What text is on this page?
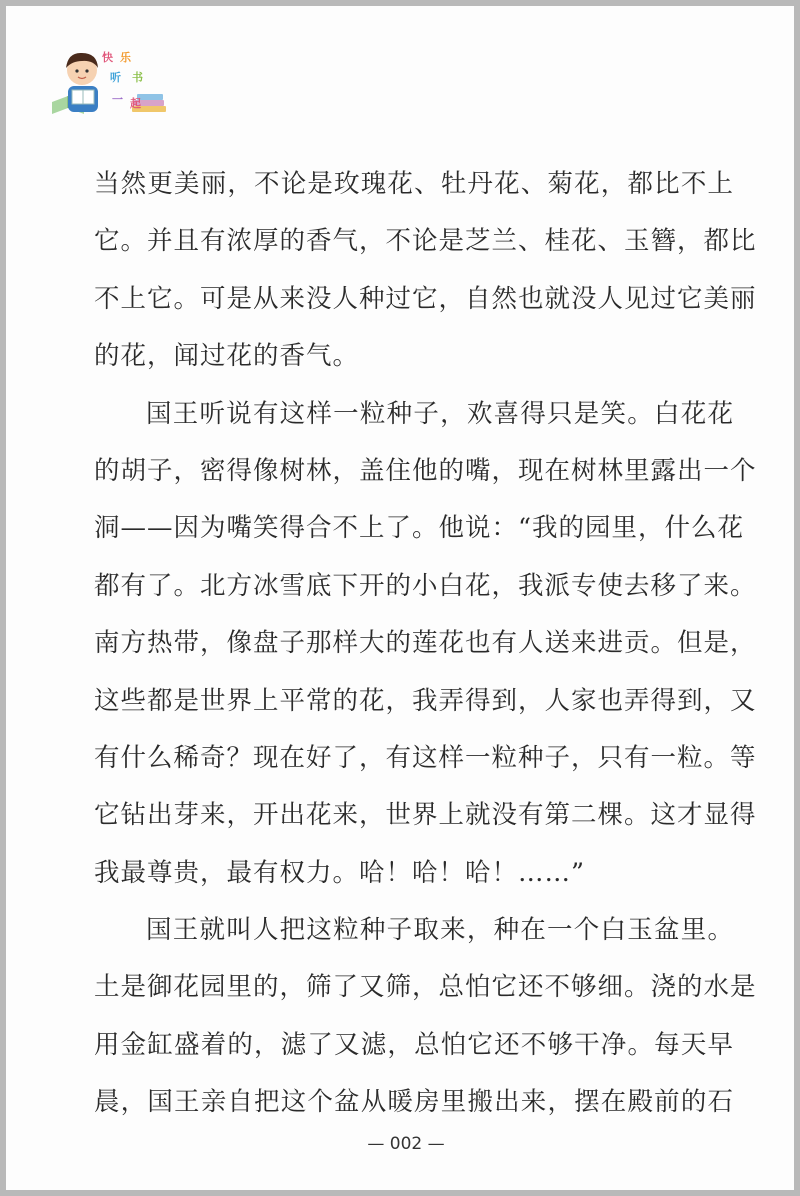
快 乐
听 书
一 起
当然更美丽，不论是玫瑰花、牡丹花、菊花，都比不上
它。并且有浓厚的香气，不论是芝兰、桂花、玉簪，都比
不上它。可是从来没人种过它，自然也就没人见过它美丽
的花，闻过花的香气。
国王听说有这样一粒种子，欢喜得只是笑。白花花
的胡子，密得像树林，盖住他的嘴，现在树林里露出一个
洞——因为嘴笑得合不上了。他说：“我的园里，什么花
都有了。北方冰雪底下开的小白花，我派专使去移了来。
南方热带，像盘子那样大的莲花也有人送来进贡。但是，
这些都是世界上平常的花，我弄得到，人家也弄得到，又
有什么稀奇？现在好了，有这样一粒种子，只有一粒。等
它钻出芽来，开出花来，世界上就没有第二棵。这才显得
我最尊贵，最有权力。哈！哈！哈！……”
国王就叫人把这粒种子取来，种在一个白玉盆里。
土是御花园里的，筛了又筛，总怕它还不够细。浇的水是
用金缸盛着的，滤了又滤，总怕它还不够干净。每天早
晨，国王亲自把这个盆从暖房里搬出来，摆在殿前的石
— 002 —
